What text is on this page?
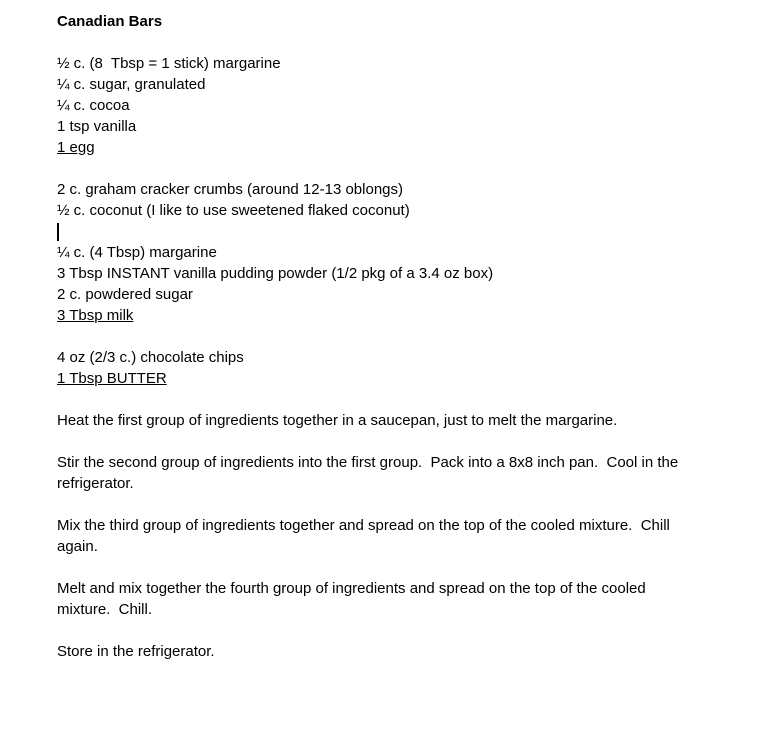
Canadian Bars
½ c. (8  Tbsp = 1 stick) margarine
¼ c. sugar, granulated
¼ c. cocoa
1 tsp vanilla
1 egg
2 c. graham cracker crumbs (around 12-13 oblongs)
½ c. coconut (I like to use sweetened flaked coconut)
¼ c. (4 Tbsp) margarine
3 Tbsp INSTANT vanilla pudding powder (1/2 pkg of a 3.4 oz box)
2 c. powdered sugar
3 Tbsp milk
4 oz (2/3 c.) chocolate chips
1 Tbsp BUTTER
Heat the first group of ingredients together in a saucepan, just to melt the margarine.
Stir the second group of ingredients into the first group.  Pack into a 8x8 inch pan.  Cool in the
refrigerator.
Mix the third group of ingredients together and spread on the top of the cooled mixture.  Chill
again.
Melt and mix together the fourth group of ingredients and spread on the top of the cooled
mixture.  Chill.
Store in the refrigerator.
